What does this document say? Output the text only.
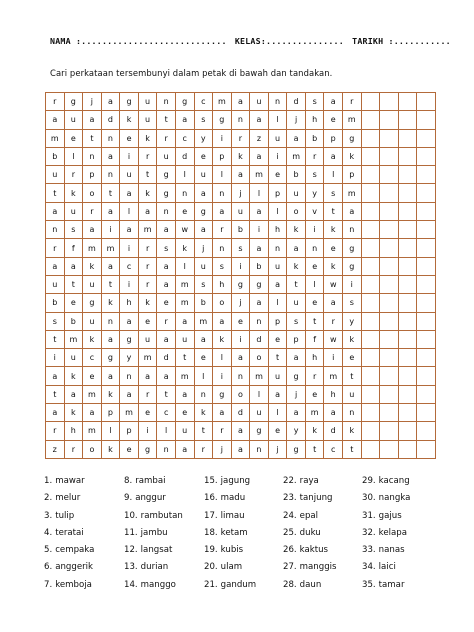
NAMA :............................ KELAS:............... TARIKH :...........
Cari perkataan tersembunyi dalam petak di bawah dan tandakan.
r	g	j	a	g	u	n	g	c	m	a	u	n	d	s	a	r
a	u	a	d	k	u	t	a	s	g	n	a	l	j	h	e	m
m	e	t	n	e	k	r	c	y	i	r	z	u	a	b	p	g
b	l	n	a	i	r	u	d	e	p	k	a	i	m	r	a	k
u	r	p	n	u	t	g	l	u	l	a	m	e	b	s	l	p
t	k	o	t	a	k	g	n	a	n	j	l	p	u	y	s	m
a	u	r	a	l	a	n	e	g	a	u	a	l	o	v	t	a
n	s	a	i	a	m	a	w	a	r	b	i	h	k	i	k	n
r	f	m	m	i	r	s	k	j	n	s	a	n	a	n	e	g
a	a	k	a	c	r	a	l	u	s	i	b	u	k	e	k	g
u	t	u	t	i	r	a	m	s	h	g	g	a	t	l	w	i
b	e	g	k	h	k	e	m	b	o	j	a	l	u	e	a	s
s	b	u	n	a	e	r	a	m	a	e	n	p	s	t	r	y
t	m	k	a	g	u	a	u	a	k	i	d	e	p	f	w	k
i	u	c	g	y	m	d	t	e	l	a	o	t	a	h	i	e
a	k	e	a	n	a	a	m	l	i	n	m	u	g	r	m	t
t	a	m	k	a	r	t	a	n	g	o	l	a	j	e	h	u
a	k	a	p	m	e	c	e	k	a	d	u	l	a	m	a	n
r	h	m	l	p	i	l	u	t	r	a	g	e	y	k	d	k
z	r	o	k	e	g	n	a	r	j	a	n	j	g	t	c	t
1. mawar	8. rambai	15. jagung	22. raya	29. kacang
2. melur	9. anggur	16. madu	23. tanjung	30. nangka
3. tulip	10. rambutan 17. limau	24. epal	31. gajus
4. teratai	11. jambu	18. ketam	25. duku	32. kelapa
5. cempaka	12. langsat	19. kubis	26. kaktus	33. nanas
6. anggerik	13. durian	20. ulam	27. manggis	34. laici
7. kemboja	14. manggo	21. gandum	28. daun	35. tamar
